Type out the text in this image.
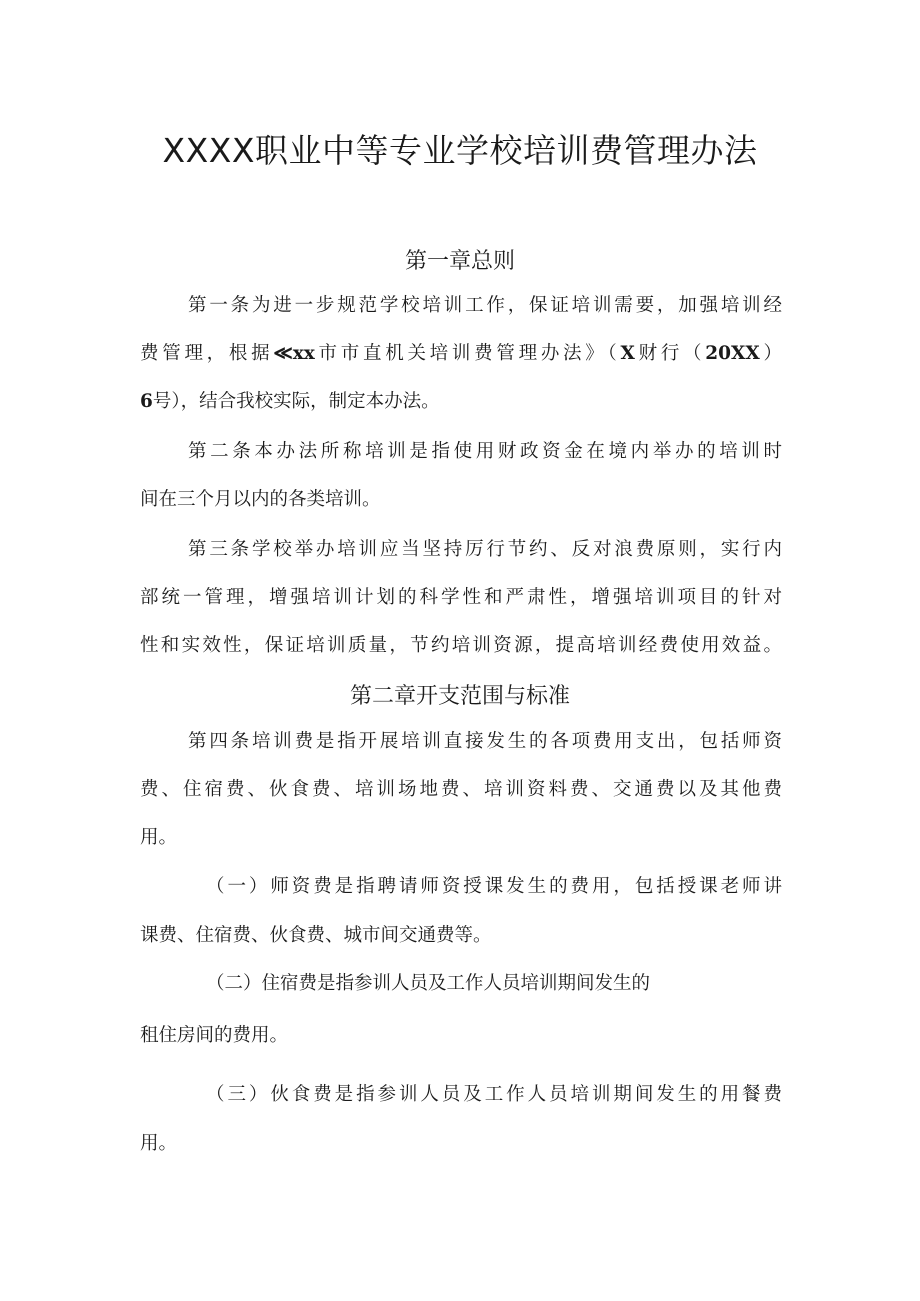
XXXX职业中等专业学校培训费管理办法
第一章总则
第一条为进一步规范学校培训工作，保证培训需要，加强培训经
费管理，根据≪xx市市直机关培训费管理办法》（X财行（20XX）
6号），结合我校实际，制定本办法。
第二条本办法所称培训是指使用财政资金在境内举办的培训时
间在三个月以内的各类培训。
第三条学校举办培训应当坚持厉行节约、反对浪费原则，实行内
部统一管理，增强培训计划的科学性和严肃性，增强培训项目的针对
性和实效性，保证培训质量，节约培训资源，提高培训经费使用效益。
第二章开支范围与标准
第四条培训费是指开展培训直接发生的各项费用支出，包括师资
费、住宿费、伙食费、培训场地费、培训资料费、交通费以及其他费
用。
（一）师资费是指聘请师资授课发生的费用，包括授课老师讲
课费、住宿费、伙食费、城市间交通费等。
（二）住宿费是指参训人员及工作人员培训期间发生的
租住房间的费用。
（三）伙食费是指参训人员及工作人员培训期间发生的用餐费
用。
